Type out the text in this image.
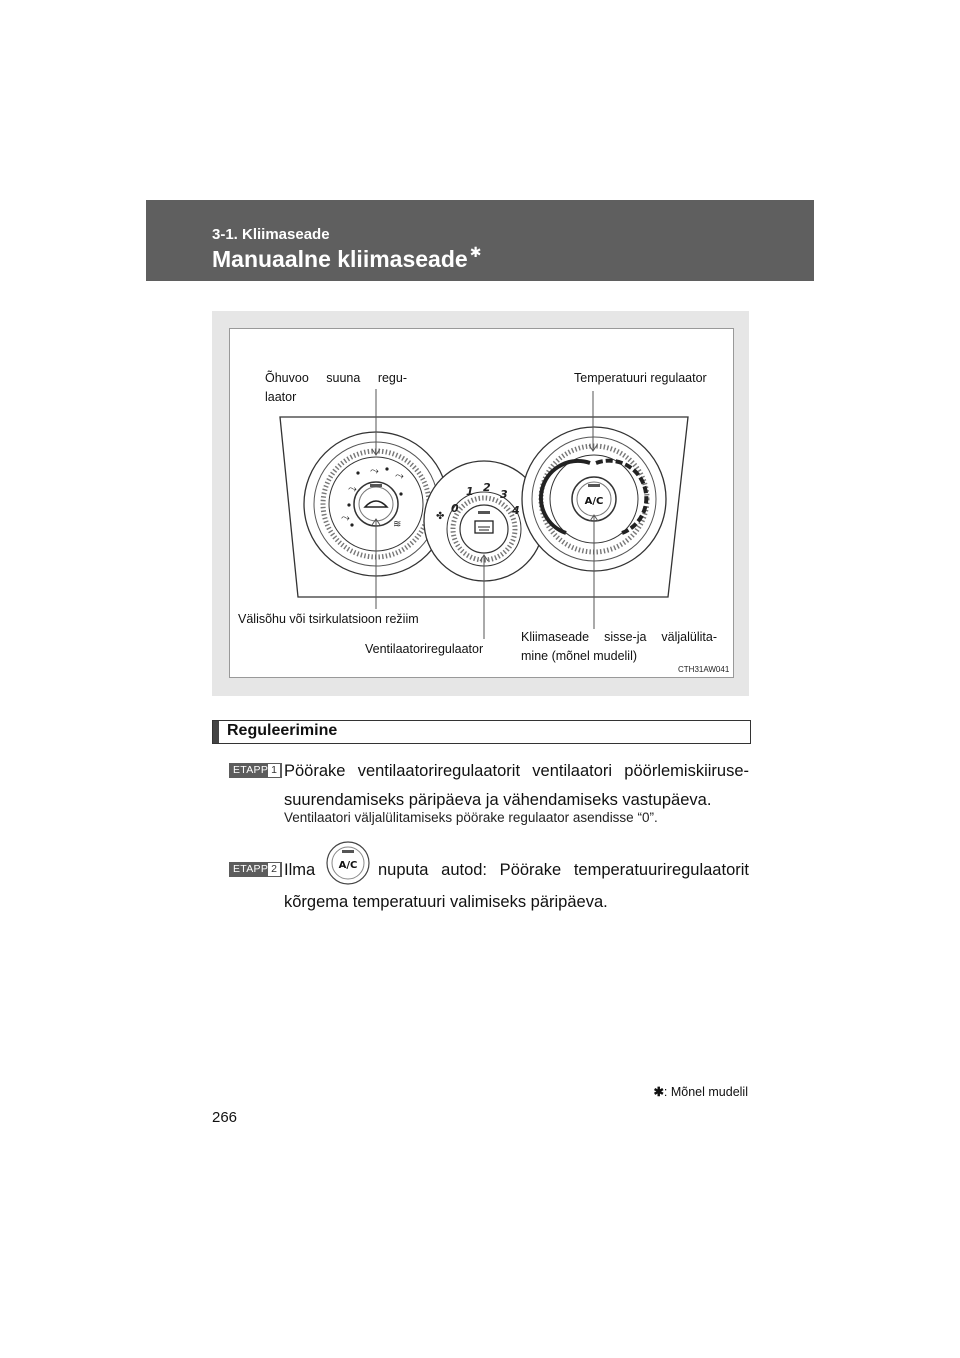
3-1. Kliimaseade
Manuaalne kliimaseade ✱
⤳
⤳ ⤳
⤳
≋
✤
0
1 2
3
4
A/C
Õhuvoo suuna regu-
laator
Temperatuuri regulaator
Välisõhu või tsirkulatsioon režiim
Ventilaatoriregulaator
Kliimaseade sisse-ja väljalülita-
mine (mõnel mudelil)
CTH31AW041
Reguleerimine
ETAPP 1 Pöörake ventilaatoriregulaatorit ventilaatori pöörlemiskiiruse-
suurendamiseks päripäeva ja vähendamiseks vastupäeva.
Ventilaatori väljalülitamiseks pöörake regulaator asendisse “0”.
ETAPP 2 Ilma A/C nuputa autod: Pöörake temperatuuriregulaatorit
kõrgema temperatuuri valimiseks päripäeva.
✱: Mõnel mudelil
266
